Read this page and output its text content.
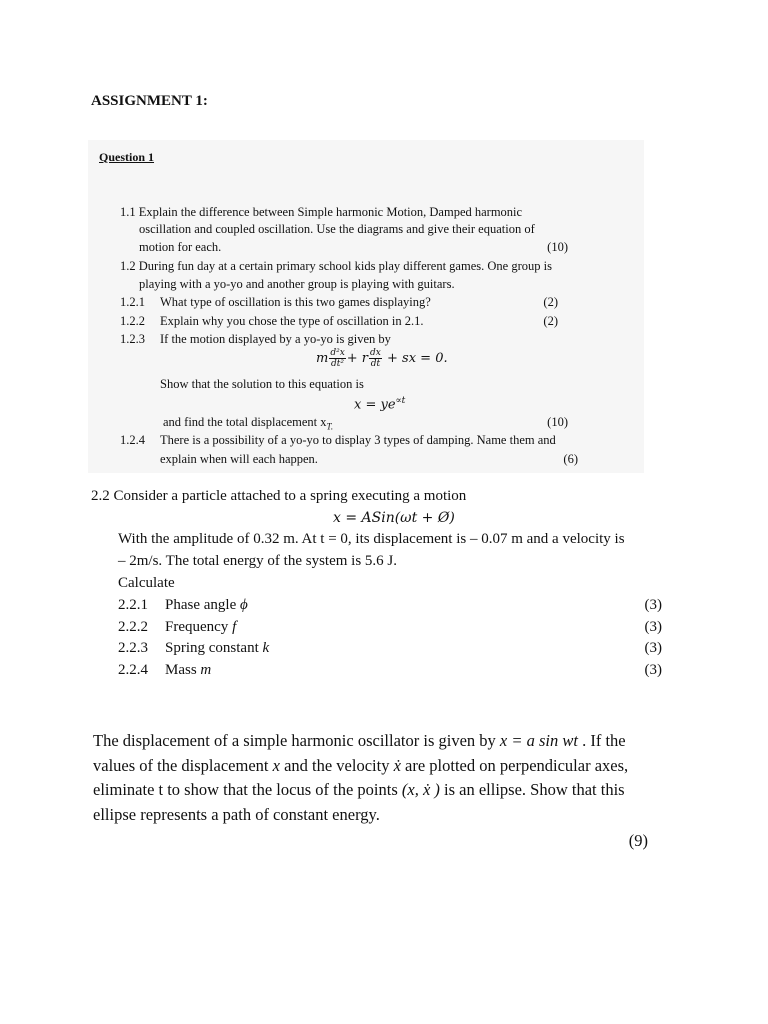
ASSIGNMENT 1:
Question 1
1.1 Explain the difference between Simple harmonic Motion, Damped harmonic
oscillation and coupled oscillation. Use the diagrams and give their equation of
motion for each.	(10)
1.2 During fun day at a certain primary school kids play different games. One group is
playing with a yo-yo and another group is playing with guitars.
1.2.1 What type of oscillation is this two games displaying?	(2)
1.2.2 Explain why you chose the type of oscillation in 2.1.	(2)
1.2.3 If the motion displayed by a yo-yo is given by
m $\frac{\text{d²x}}{\text{dt²}} + r \frac{dx}{dt}$ + sx = 0.
Show that the solution to this equation is
$x = ye^{\propto t}$
and find the total displacement $x_{T.}$	(10)
1.2.4 There is a possibility of a yo-yo to display 3 types of damping. Name them and
explain when will each happen.	(6)
2.2 Consider a particle attached to a spring executing a motion
x = ASin(ωt + Ø)
With the amplitude of 0.32 m. At t = 0, its displacement is – 0.07 m and a velocity is
– 2m/s. The total energy of the system is 5.6 J.
Calculate
2.2.1 Phase angle ϕ	(3)
2.2.2 Frequency f	(3)
2.2.3 Spring constant k	(3)
2.2.4 Mass m	(3)
The displacement of a simple harmonic oscillator is given by x = a sin wt . If the
values of the displacement x and the velocity ẋ are plotted on perpendicular axes,
eliminate t to show that the locus of the points (x, ẋ ) is an ellipse. Show that this
ellipse represents a path of constant energy.
(9)
